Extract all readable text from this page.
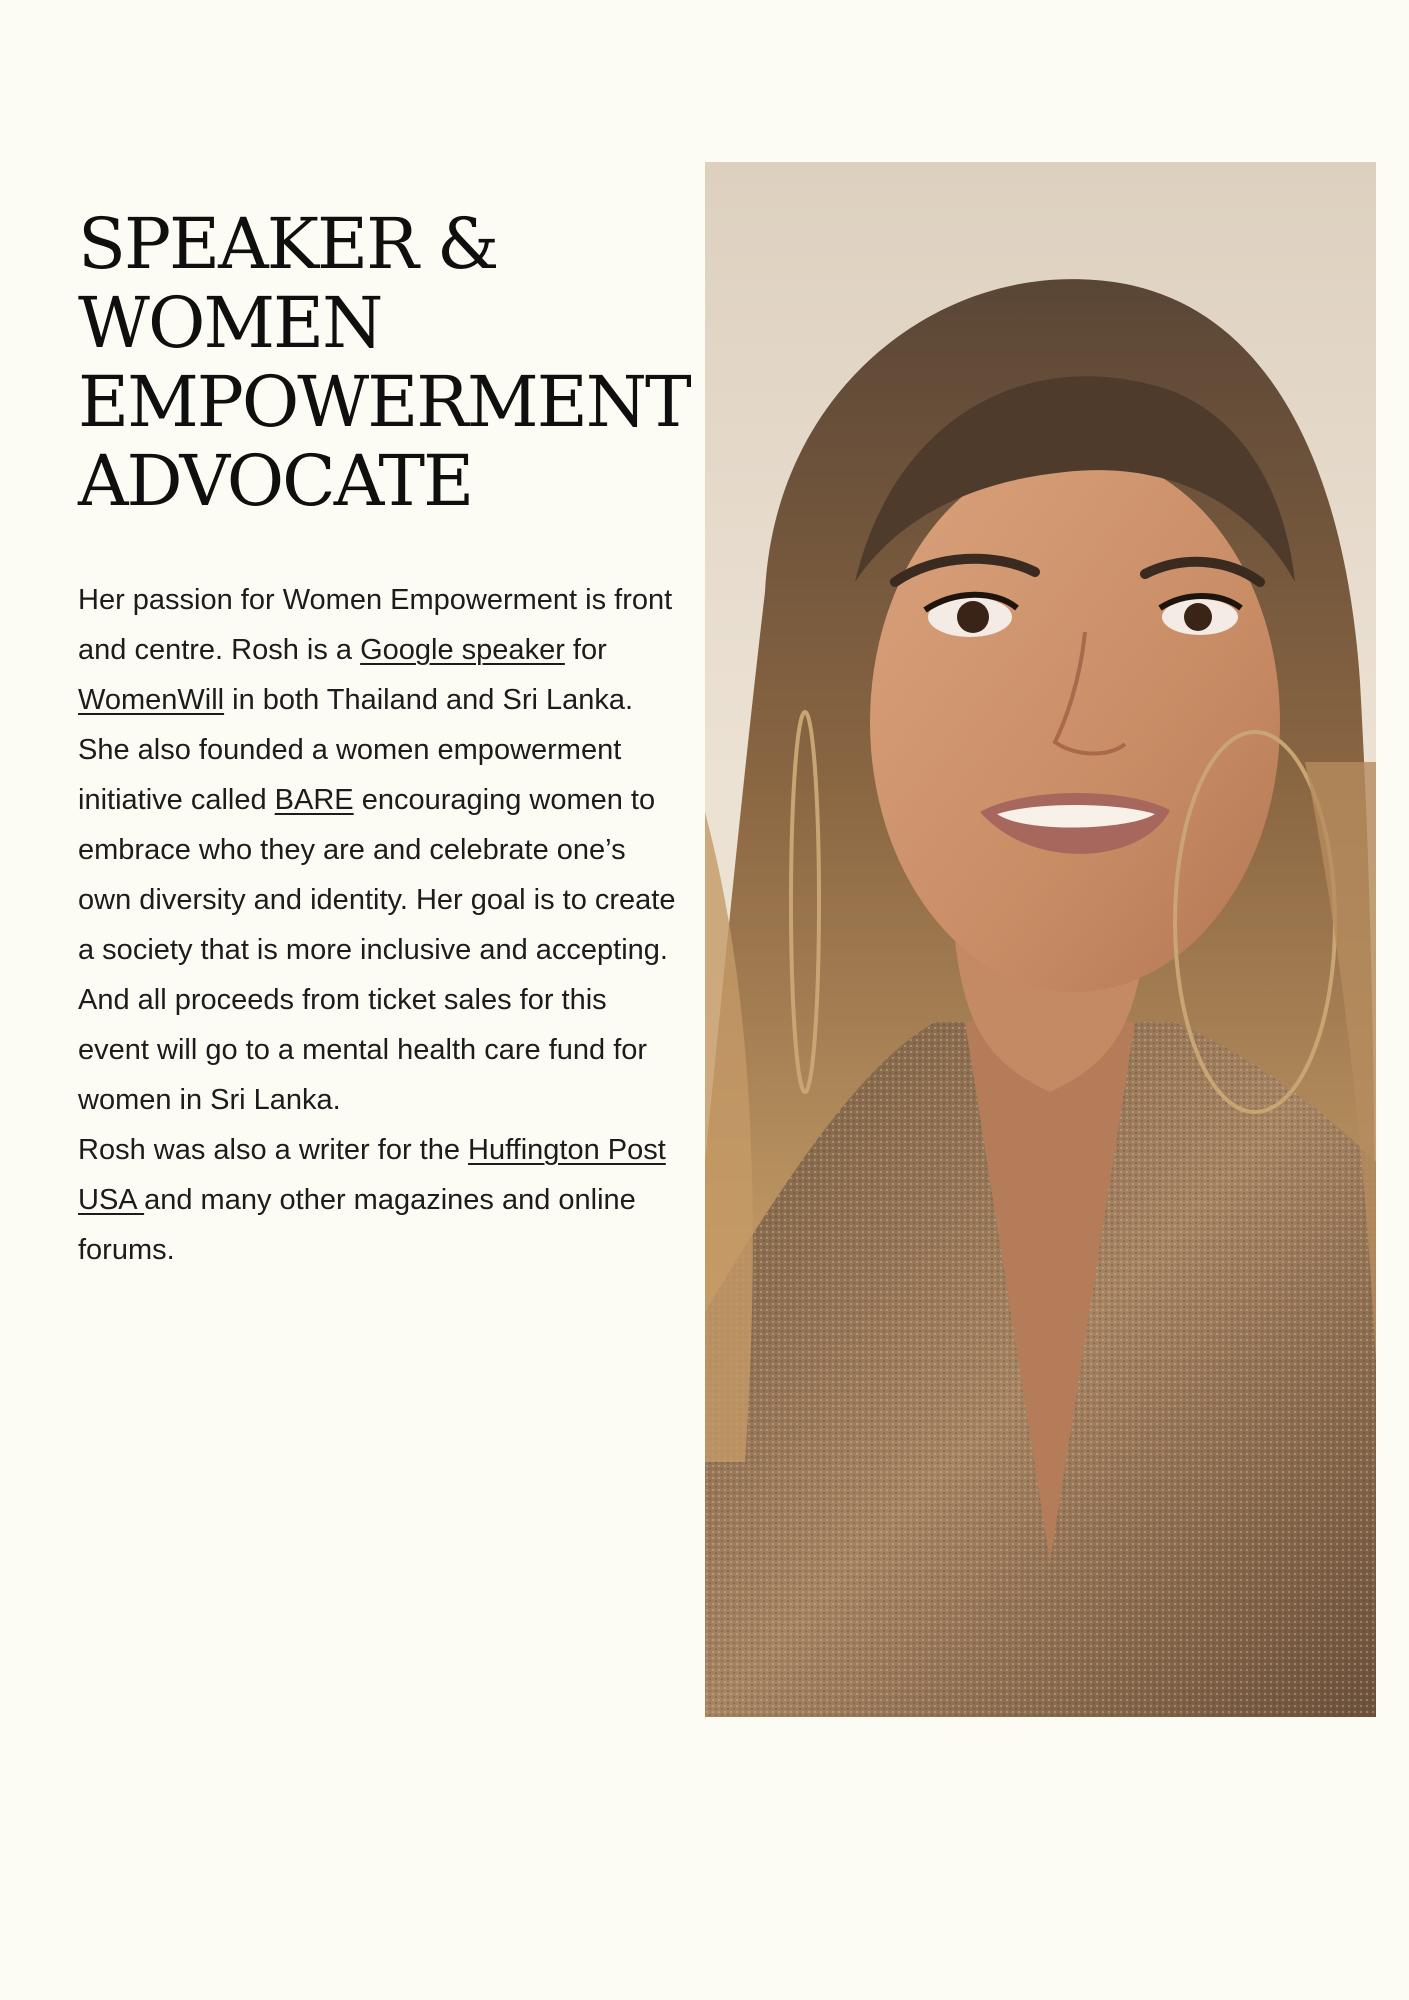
SPEAKER &
WOMEN
EMPOWERMENT
ADVOCATE

Her passion for Women Empowerment is front and centre. Rosh is a Google speaker for WomenWill in both Thailand and Sri Lanka.

She also founded a women empowerment initiative called BARE encouraging women to embrace who they are and celebrate one’s own diversity and identity. Her goal is to create a society that is more inclusive and accepting. And all proceeds from ticket sales for this event will go to a mental health care fund for women in Sri Lanka.

Rosh was also a writer for the Huffington Post USA and many other magazines and online forums.
